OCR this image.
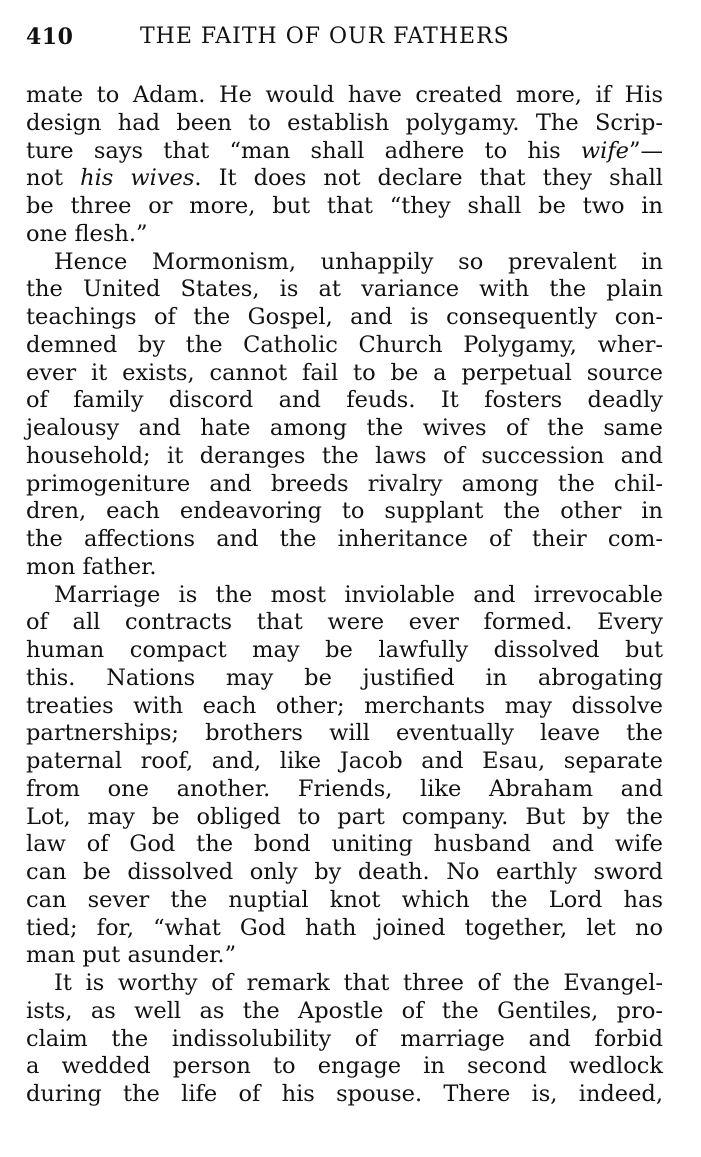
410	THE FAITH OF OUR FATHERS
mate to Adam. He would have created more, if His
design had been to establish polygamy. The Scrip-
ture says that “man shall adhere to his wife”—
not his wives. It does not declare that they shall
be three or more, but that “they shall be two in
one flesh.”
Hence Mormonism, unhappily so prevalent in
the United States, is at variance with the plain
teachings of the Gospel, and is consequently con-
demned by the Catholic Church Polygamy, wher-
ever it exists, cannot fail to be a perpetual source
of family discord and feuds. It fosters deadly
jealousy and hate among the wives of the same
household; it deranges the laws of succession and
primogeniture and breeds rivalry among the chil-
dren, each endeavoring to supplant the other in
the affections and the inheritance of their com-
mon father.
Marriage is the most inviolable and irrevocable
of all contracts that were ever formed. Every
human compact may be lawfully dissolved but
this. Nations may be justified in abrogating
treaties with each other; merchants may dissolve
partnerships; brothers will eventually leave the
paternal roof, and, like Jacob and Esau, separate
from one another. Friends, like Abraham and
Lot, may be obliged to part company. But by the
law of God the bond uniting husband and wife
can be dissolved only by death. No earthly sword
can sever the nuptial knot which the Lord has
tied; for, “what God hath joined together, let no
man put asunder.”
It is worthy of remark that three of the Evangel-
ists, as well as the Apostle of the Gentiles, pro-
claim the indissolubility of marriage and forbid
a wedded person to engage in second wedlock
during the life of his spouse. There is, indeed,
